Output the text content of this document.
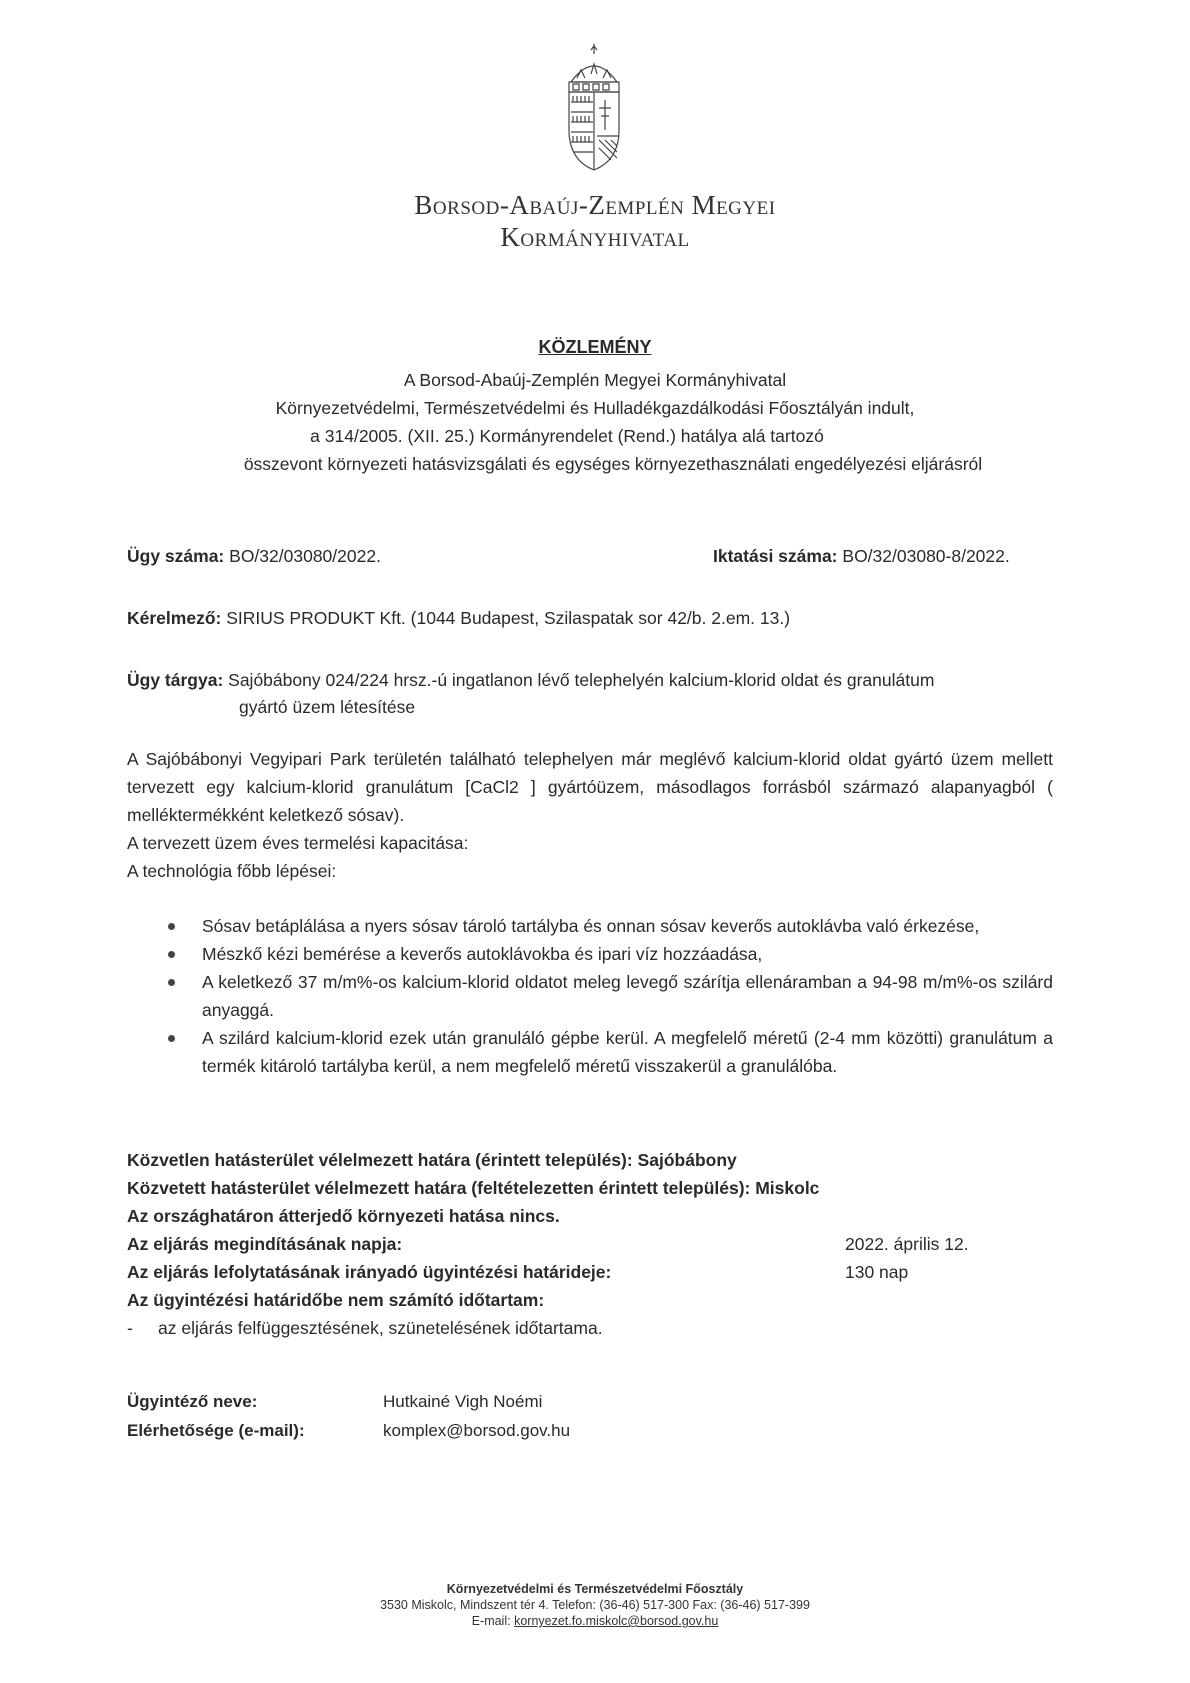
Borsod-Abaúj-Zemplén Megyei
Kormányhivatal
KÖZLEMÉNY
A Borsod-Abaúj-Zemplén Megyei Kormányhivatal
Környezetvédelmi, Természetvédelmi és Hulladékgazdálkodási Főosztályán indult,
a 314/2005. (XII. 25.) Kormányrendelet (Rend.) hatálya alá tartozó
összevont környezeti hatásvizsgálati és egységes környezethasználati engedélyezési eljárásról
Ügy száma: BO/32/03080/2022.	Iktatási száma: BO/32/03080-8/2022.
Kérelmező: SIRIUS PRODUKT Kft. (1044 Budapest, Szilaspatak sor 42/b. 2.em. 13.)
Ügy tárgya: Sajóbábony 024/224 hrsz.-ú ingatlanon lévő telephelyén kalcium-klorid oldat és granulátum
gyártó üzem létesítése
A Sajóbábonyi Vegyipari Park területén található telephelyen már meglévő kalcium-klorid oldat gyártó üzem mellett tervezett egy kalcium-klorid granulátum [CaCl2 ] gyártóüzem, másodlagos forrásból származó alapanyagból ( melléktermékként keletkező sósav).
A tervezett üzem éves termelési kapacitása:
A technológia főbb lépései:
Sósav betáplálása a nyers sósav tároló tartályba és onnan sósav keverős autoklávba való érkezése,
Mészkő kézi bemérése a keverős autoklávokba és ipari víz hozzáadása,
A keletkező 37 m/m%-os kalcium-klorid oldatot meleg levegő szárítja ellenáramban a 94-98 m/m%-os szilárd anyaggá.
A szilárd kalcium-klorid ezek után granuláló gépbe kerül. A megfelelő méretű (2-4 mm közötti) granulátum a termék kitároló tartályba kerül, a nem megfelelő méretű visszakerül a granulálóba.
Közvetlen hatásterület vélelmezett határa (érintett település): Sajóbábony
Közvetett hatásterület vélelmezett határa (feltételezetten érintett település): Miskolc
Az országhatáron átterjedő környezeti hatása nincs.
Az eljárás megindításának napja:	2022. április 12.
Az eljárás lefolytatásának irányadó ügyintézési határideje:	130 nap
Az ügyintézési határidőbe nem számító időtartam:
- az eljárás felfüggesztésének, szünetelésének időtartama.
Ügyintéző neve:	Hutkainé Vigh Noémi
Elérhetősége (e-mail):	komplex@borsod.gov.hu
Környezetvédelmi és Természetvédelmi Főosztály
3530 Miskolc, Mindszent tér 4. Telefon: (36-46) 517-300 Fax: (36-46) 517-399
E-mail: kornyezet.fo.miskolc@borsod.gov.hu
